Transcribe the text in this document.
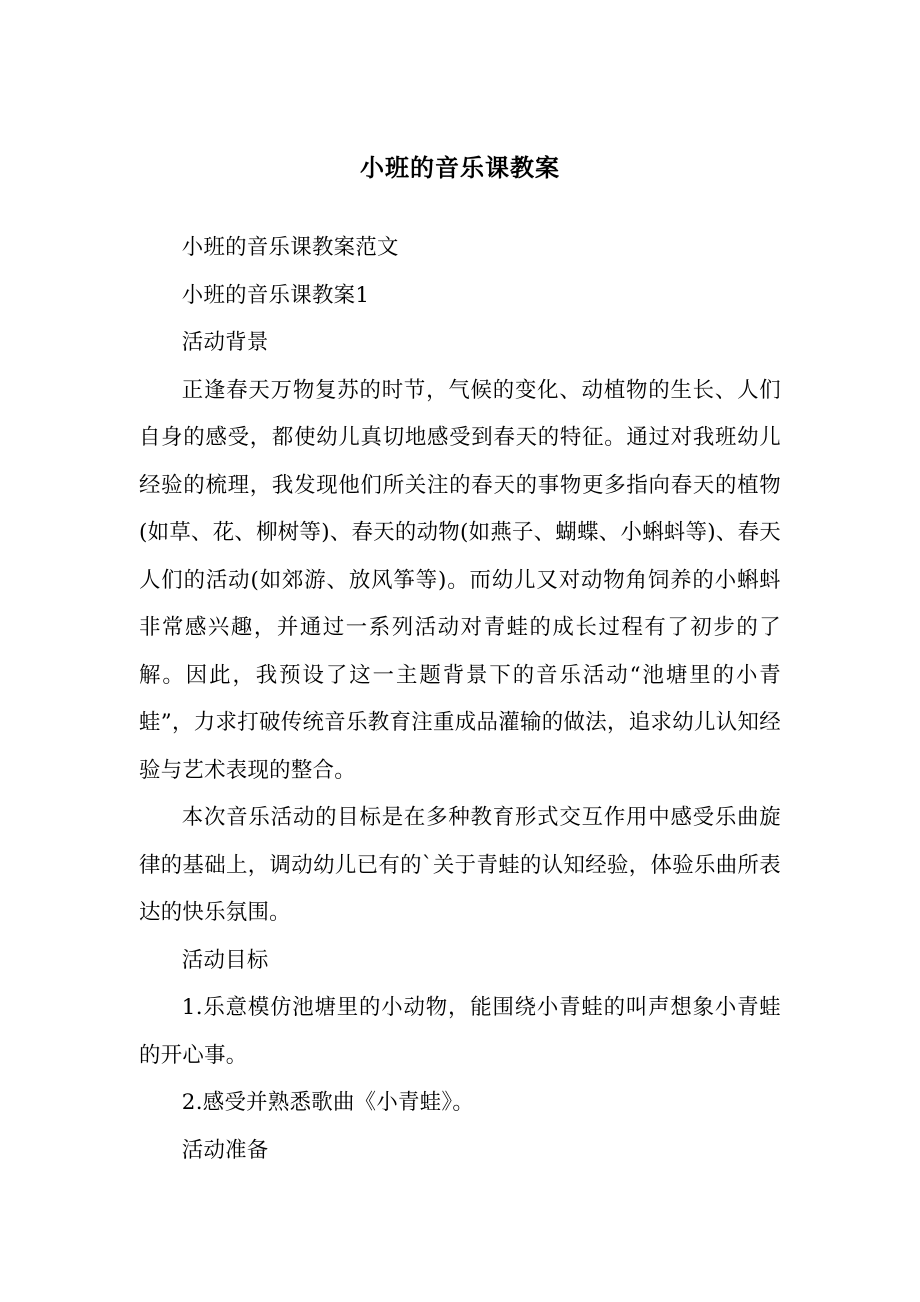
小班的音乐课教案

小班的音乐课教案范文

小班的音乐课教案1

活动背景

正逢春天万物复苏的时节，气候的变化、动植物的生长、人们自身的感受，都使幼儿真切地感受到春天的特征。通过对我班幼儿经验的梳理，我发现他们所关注的春天的事物更多指向春天的植物(如草、花、柳树等)、春天的动物(如燕子、蝴蝶、小蝌蚪等)、春天人们的活动(如郊游、放风筝等)。而幼儿又对动物角饲养的小蝌蚪非常感兴趣，并通过一系列活动对青蛙的成长过程有了初步的了解。因此，我预设了这一主题背景下的音乐活动“池塘里的小青蛙”，力求打破传统音乐教育注重成品灌输的做法，追求幼儿认知经验与艺术表现的整合。

本次音乐活动的目标是在多种教育形式交互作用中感受乐曲旋律的基础上，调动幼儿已有的`关于青蛙的认知经验，体验乐曲所表达的快乐氛围。

活动目标

1.乐意模仿池塘里的小动物，能围绕小青蛙的叫声想象小青蛙的开心事。

2.感受并熟悉歌曲《小青蛙》。

活动准备
